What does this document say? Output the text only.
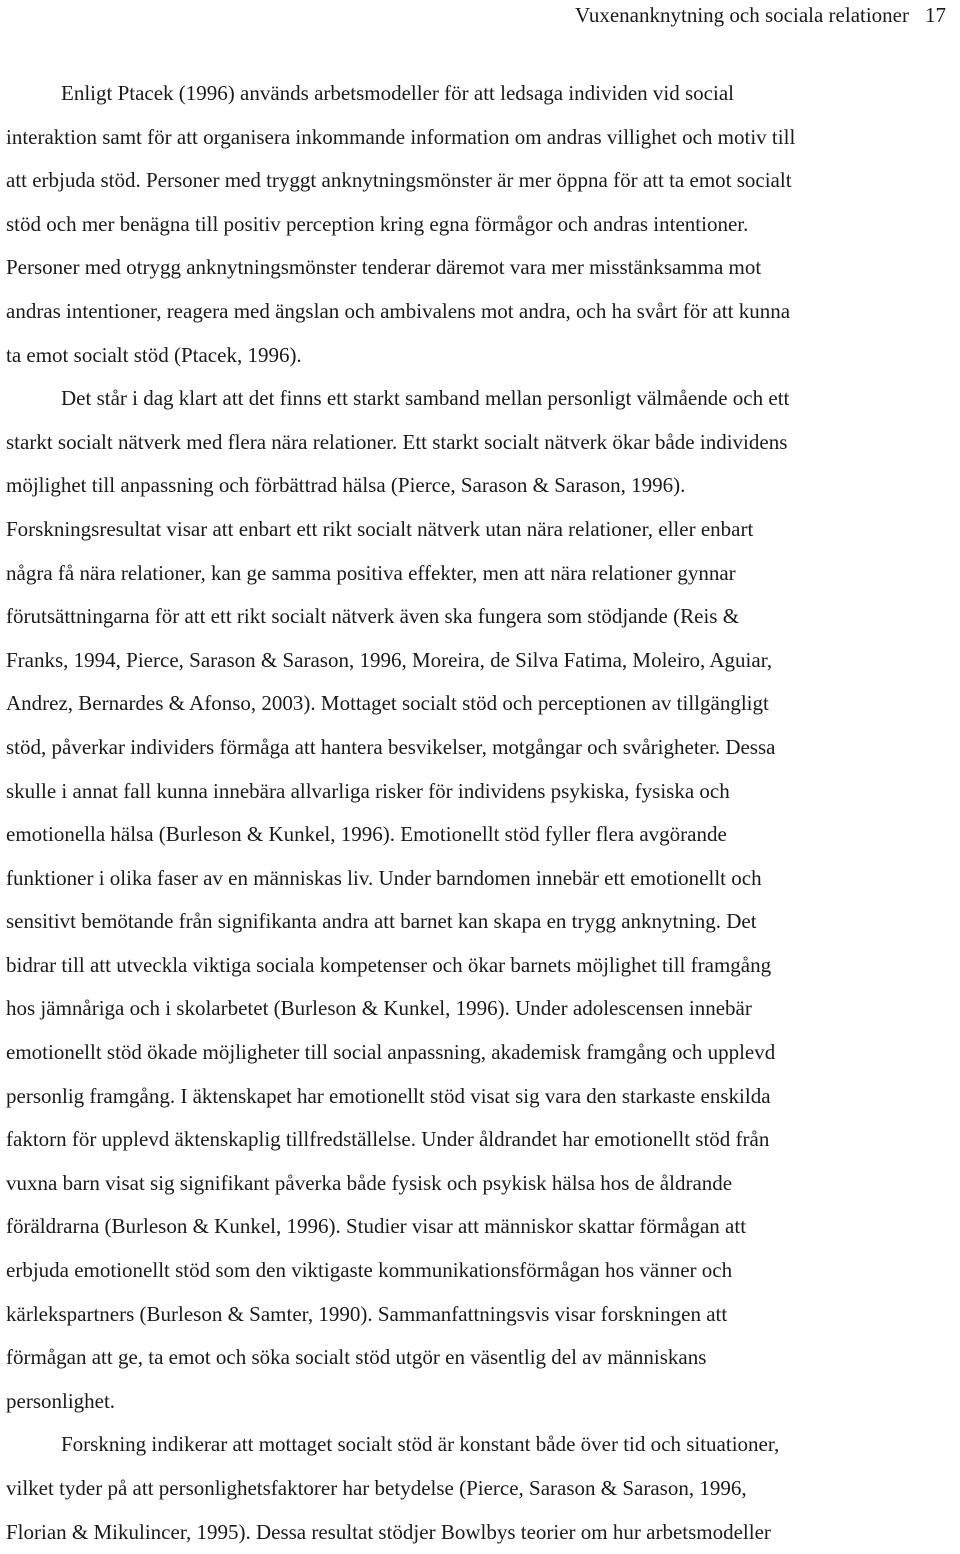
Vuxenanknytning och sociala relationer 17

Enligt Ptacek (1996) används arbetsmodeller för att ledsaga individen vid social
interaktion samt för att organisera inkommande information om andras villighet och motiv till
att erbjuda stöd. Personer med tryggt anknytningsmönster är mer öppna för att ta emot socialt
stöd och mer benägna till positiv perception kring egna förmågor och andras intentioner.
Personer med otrygg anknytningsmönster tenderar däremot vara mer misstänksamma mot
andras intentioner, reagera med ängslan och ambivalens mot andra, och ha svårt för att kunna
ta emot socialt stöd (Ptacek, 1996).

Det står i dag klart att det finns ett starkt samband mellan personligt välmående och ett
starkt socialt nätverk med flera nära relationer. Ett starkt socialt nätverk ökar både individens
möjlighet till anpassning och förbättrad hälsa (Pierce, Sarason & Sarason, 1996).
Forskningsresultat visar att enbart ett rikt socialt nätverk utan nära relationer, eller enbart
några få nära relationer, kan ge samma positiva effekter, men att nära relationer gynnar
förutsättningarna för att ett rikt socialt nätverk även ska fungera som stödjande (Reis &
Franks, 1994, Pierce, Sarason & Sarason, 1996, Moreira, de Silva Fatima, Moleiro, Aguiar,
Andrez, Bernardes & Afonso, 2003). Mottaget socialt stöd och perceptionen av tillgängligt
stöd, påverkar individers förmåga att hantera besvikelser, motgångar och svårigheter. Dessa
skulle i annat fall kunna innebära allvarliga risker för individens psykiska, fysiska och
emotionella hälsa (Burleson & Kunkel, 1996). Emotionellt stöd fyller flera avgörande
funktioner i olika faser av en människas liv. Under barndomen innebär ett emotionellt och
sensitivt bemötande från signifikanta andra att barnet kan skapa en trygg anknytning. Det
bidrar till att utveckla viktiga sociala kompetenser och ökar barnets möjlighet till framgång
hos jämnåriga och i skolarbetet (Burleson & Kunkel, 1996). Under adolescensen innebär
emotionellt stöd ökade möjligheter till social anpassning, akademisk framgång och upplevd
personlig framgång. I äktenskapet har emotionellt stöd visat sig vara den starkaste enskilda
faktorn för upplevd äktenskaplig tillfredställelse. Under åldrandet har emotionellt stöd från
vuxna barn visat sig signifikant påverka både fysisk och psykisk hälsa hos de åldrande
föräldrarna (Burleson & Kunkel, 1996). Studier visar att människor skattar förmågan att
erbjuda emotionellt stöd som den viktigaste kommunikationsförmågan hos vänner och
kärlekspartners (Burleson & Samter, 1990). Sammanfattningsvis visar forskningen att
förmågan att ge, ta emot och söka socialt stöd utgör en väsentlig del av människans
personlighet.

Forskning indikerar att mottaget socialt stöd är konstant både över tid och situationer,
vilket tyder på att personlighetsfaktorer har betydelse (Pierce, Sarason & Sarason, 1996,
Florian & Mikulincer, 1995). Dessa resultat stödjer Bowlbys teorier om hur arbetsmodeller
